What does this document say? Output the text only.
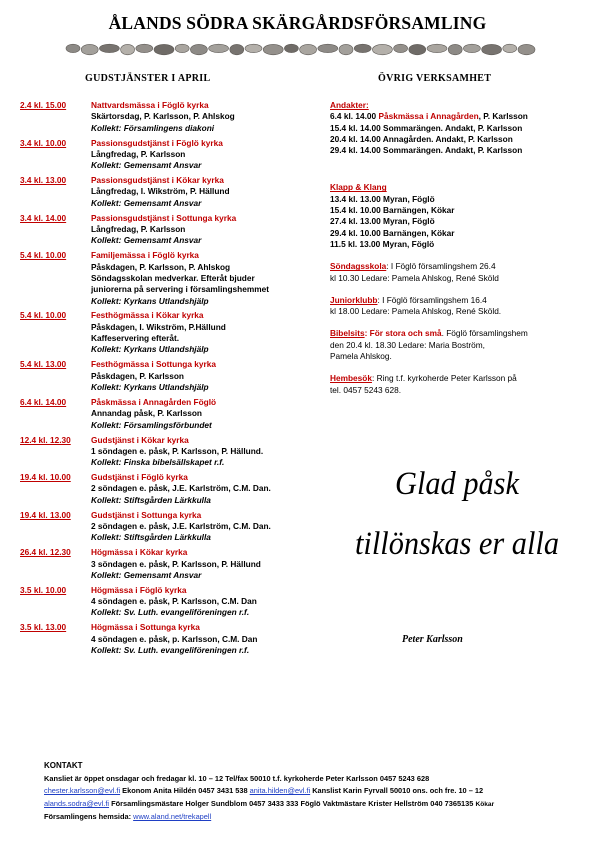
ÅLANDS SÖDRA SKÄRGÅRDSFÖRSAMLING
GUDSTJÄNSTER I APRIL	ÖVRIG VERKSAMHET
2.4 kl. 15.00	Nattvardsmässa i Föglö kyrka
Skärtorsdag, P. Karlsson, P. Ahlskog
Kollekt: Församlingens diakoni
3.4 kl. 10.00	Passionsgudstjänst i Föglö kyrka
Långfredag, P. Karlsson
Kollekt: Gemensamt Ansvar
3.4 kl. 13.00	Passionsgudstjänst i Kökar kyrka
Långfredag, I. Wikström, P. Hällund
Kollekt: Gemensamt Ansvar
3.4 kl. 14.00	Passionsgudstjänst i Sottunga kyrka
Långfredag, P. Karlsson
Kollekt: Gemensamt Ansvar
5.4 kl. 10.00	Familjemässa i Föglö kyrka
Påskdagen, P. Karlsson, P. Ahlskog
Söndagsskolan medverkar. Efteråt bjuder
juniorerna på servering i församlingshemmet
Kollekt: Kyrkans Utlandshjälp
5.4 kl. 10.00	Festhögmässa i Kökar kyrka
Påskdagen, I. Wikström, P.Hällund
Kaffeservering efteråt.
Kollekt: Kyrkans Utlandshjälp
5.4 kl. 13.00	Festhögmässa i Sottunga kyrka
Påskdagen, P. Karlsson
Kollekt: Kyrkans Utlandshjälp
6.4 kl. 14.00	Påskmässa i Annagården Föglö
Annandag påsk, P. Karlsson
Kollekt: Församlingsförbundet
12.4 kl. 12.30 Gudstjänst i Kökar kyrka
1 söndagen e. påsk, P. Karlsson, P. Hällund.
Kollekt: Finska bibelsällskapet r.f.
19.4 kl. 10.00 Gudstjänst i Föglö kyrka
2 söndagen e. påsk, J.E. Karlström, C.M. Dan.
Kollekt: Stiftsgården Lärkkulla
19.4 kl. 13.00 Gudstjänst i Sottunga kyrka
2 söndagen e. påsk, J.E. Karlström, C.M. Dan.
Kollekt: Stiftsgården Lärkkulla
26.4 kl. 12.30 Högmässa i Kökar kyrka
3 söndagen e. påsk, P. Karlsson, P. Hällund
Kollekt: Gemensamt Ansvar
3.5 kl. 10.00	Högmässa i Föglö kyrka
4 söndagen e. påsk, P. Karlsson, C.M. Dan
Kollekt: Sv. Luth. evangeliföreningen r.f.
3.5 kl. 13.00	Högmässa i Sottunga kyrka
4 söndagen e. påsk, p. Karlsson, C.M. Dan
Kollekt: Sv. Luth. evangeliföreningen r.f.
Andakter:
6.4 kl. 14.00 Påskmässa i Annagården, P. Karlsson
15.4 kl. 14.00 Sommarängen. Andakt, P. Karlsson
20.4 kl. 14.00 Annagården. Andakt, P. Karlsson
29.4 kl. 14.00 Sommarängen. Andakt, P. Karlsson
Klapp & Klang
13.4 kl. 13.00 Myran, Föglö
15.4 kl. 10.00 Barnängen, Kökar
27.4 kl. 13.00 Myran, Föglö
29.4 kl. 10.00 Barnängen, Kökar
11.5 kl. 13.00 Myran, Föglö
Söndagsskola: I Föglö församlingshem 26.4
kl 10.30 Ledare: Pamela Ahlskog, René Sköld
Juniorklubb: I Föglö församlingshem 16.4
kl 18.00 Ledare: Pamela Ahlskog, René Sköld.
Bibelsits: För stora och små. Föglö församlingshem
den 20.4 kl. 18.30 Ledare: Maria Boström,
Pamela Ahlskog.
Hembesök: Ring t.f. kyrkoherde Peter Karlsson på
tel. 0457 5243 628.
Glad påsk
tillönskas er alla
Peter Karlsson
KONTAKT
Kansliet är öppet onsdagar och fredagar kl. 10 – 12 Tel/fax 50010 t.f. kyrkoherde Peter Karlsson 0457 5243 628
chester.karlsson@evl.fi Ekonom Anita Hildén 0457 3431 538 anita.hilden@evl.fi Kanslist Karin Fyrvall 50010 ons. och fre. 10 – 12
alands.sodra@evl.fi Församlingsmästare Holger Sundblom 0457 3433 333 Föglö Vaktmästare Krister Hellström 040 7365135 Kökar
Församlingens hemsida: www.aland.net/trekapell
